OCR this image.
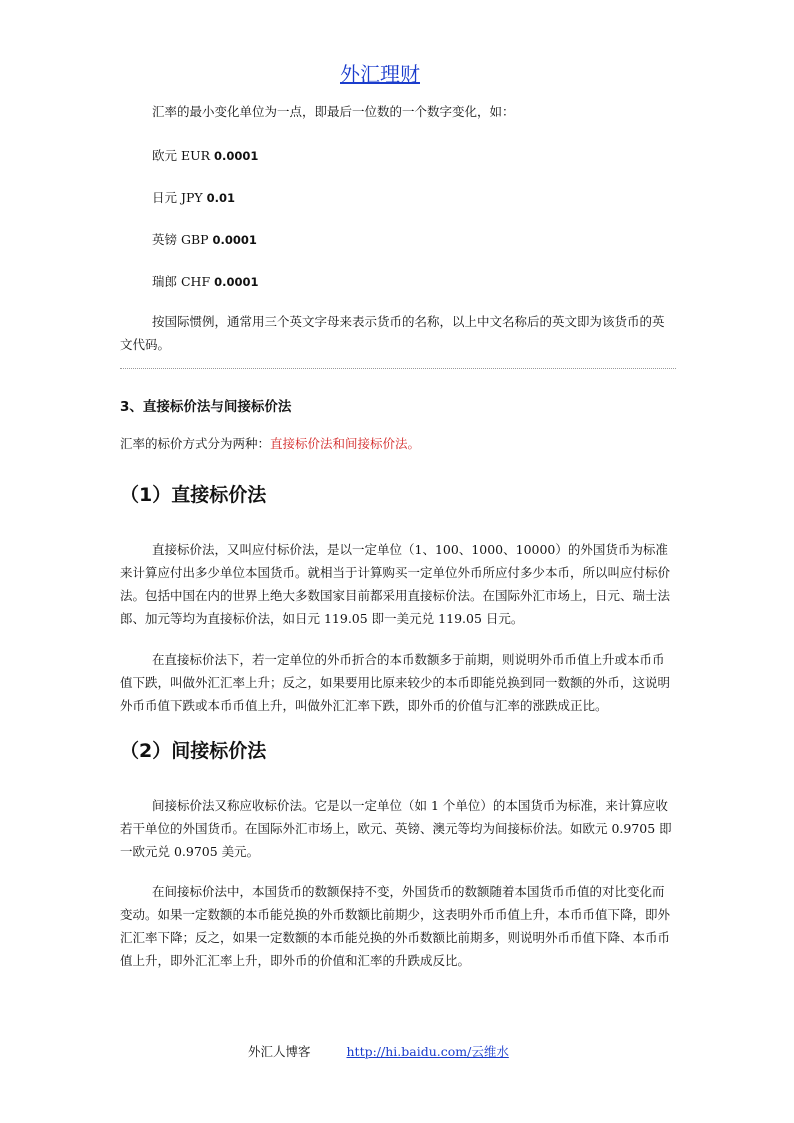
外汇理财

汇率的最小变化单位为一点，即最后一位数的一个数字变化，如：

欧元 EUR 0.0001
日元 JPY 0.01
英镑 GBP 0.0001
瑞郎 CHF 0.0001

按国际惯例，通常用三个英文字母来表示货币的名称，以上中文名称后的英文即为该货币的英文代码。

3、直接标价法与间接标价法

汇率的标价方式分为两种：直接标价法和间接标价法。

（1）直接标价法

直接标价法，又叫应付标价法，是以一定单位（1、100、1000、10000）的外国货币为标准来计算应付出多少单位本国货币。就相当于计算购买一定单位外币所应付多少本币，所以叫应付标价法。包括中国在内的世界上绝大多数国家目前都采用直接标价法。在国际外汇市场上，日元、瑞士法郎、加元等均为直接标价法，如日元 119.05 即一美元兑 119.05 日元。

在直接标价法下，若一定单位的外币折合的本币数额多于前期，则说明外币币值上升或本币币值下跌，叫做外汇汇率上升；反之，如果要用比原来较少的本币即能兑换到同一数额的外币，这说明外币币值下跌或本币币值上升，叫做外汇汇率下跌，即外币的价值与汇率的涨跌成正比。

（2）间接标价法

间接标价法又称应收标价法。它是以一定单位（如 1 个单位）的本国货币为标准，来计算应收若干单位的外国货币。在国际外汇市场上，欧元、英镑、澳元等均为间接标价法。如欧元 0.9705 即一欧元兑 0.9705 美元。

在间接标价法中，本国货币的数额保持不变，外国货币的数额随着本国货币币值的对比变化而变动。如果一定数额的本币能兑换的外币数额比前期少，这表明外币币值上升，本币币值下降，即外汇汇率下降；反之，如果一定数额的本币能兑换的外币数额比前期多，则说明外币币值下降、本币币值上升，即外汇汇率上升，即外币的价值和汇率的升跌成反比。

外汇人博客	http://hi.baidu.com/云维水
